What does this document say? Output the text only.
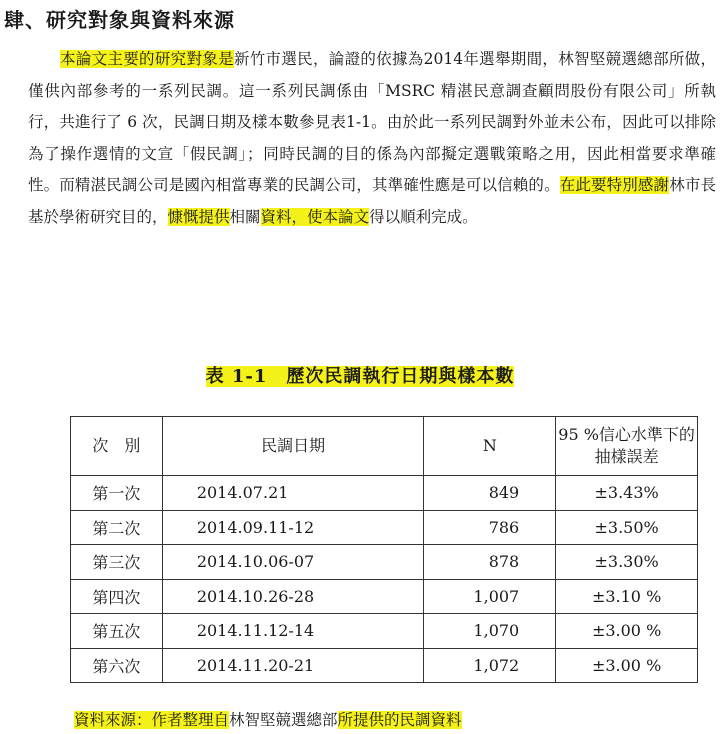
肆、研究對象與資料來源
本論文主要的研究對象是新竹市選民，論證的依據為2014年選舉期間，林智堅競選總部所做，僅供內部參考的一系列民調。這一系列民調係由「MSRC 精湛民意調查顧問股份有限公司」所執行，共進行了 6 次，民調日期及樣本數參見表1-1。由於此一系列民調對外並未公布，因此可以排除為了操作選情的文宣「假民調」；同時民調的目的係為內部擬定選戰策略之用，因此相當要求準確性。而精湛民調公司是國內相當專業的民調公司，其準確性應是可以信賴的。在此要特別感謝林市長基於學術研究目的，慷慨提供相關資料，使本論文得以順利完成。
表 1-1　歷次民調執行日期與樣本數
次　別	民調日期	N	95 %信心水準下的抽樣誤差
第一次	2014.07.21	849	±3.43%
第二次	2014.09.11-12	786	±3.50%
第三次	2014.10.06-07	878	±3.30%
第四次	2014.10.26-28	1,007	±3.10 %
第五次	2014.11.12-14	1,070	±3.00 %
第六次	2014.11.20-21	1,072	±3.00 %
資料來源：作者整理自林智堅競選總部所提供的民調資料
